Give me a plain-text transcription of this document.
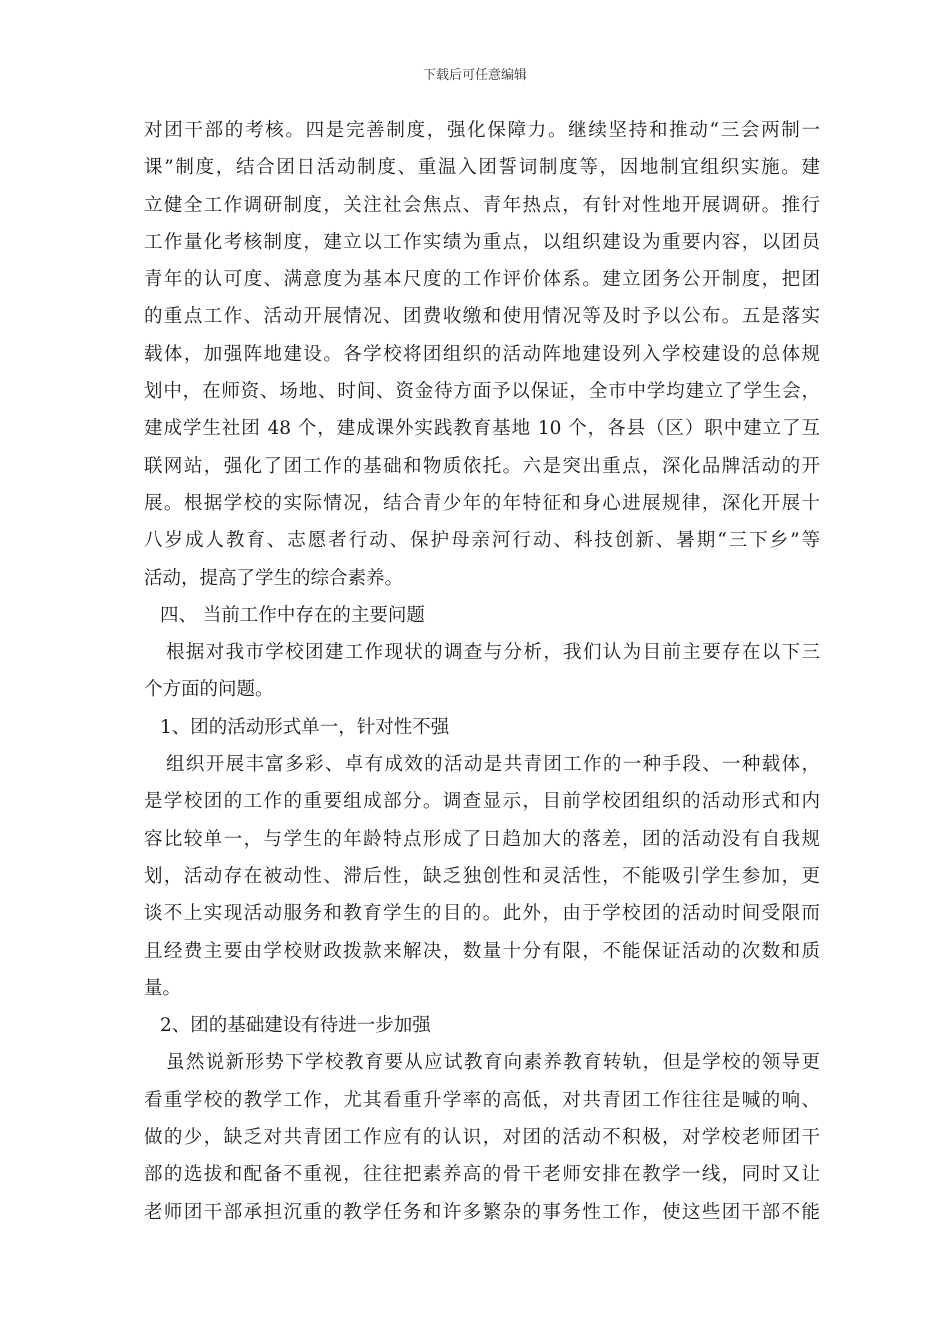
下载后可任意编辑
对团干部的考核。四是完善制度，强化保障力。继续坚持和推动“三会两制一
课”制度，结合团日活动制度、重温入团誓词制度等，因地制宜组织实施。建
立健全工作调研制度，关注社会焦点、青年热点，有针对性地开展调研。推行
工作量化考核制度，建立以工作实绩为重点，以组织建设为重要内容，以团员
青年的认可度、满意度为基本尺度的工作评价体系。建立团务公开制度，把团
的重点工作、活动开展情况、团费收缴和使用情况等及时予以公布。五是落实
载体，加强阵地建设。各学校将团组织的活动阵地建设列入学校建设的总体规
划中，在师资、场地、时间、资金待方面予以保证，全市中学均建立了学生会，
建成学生社团 48 个，建成课外实践教育基地 10 个，各县（区）职中建立了互
联网站，强化了团工作的基础和物质依托。六是突出重点，深化品牌活动的开
展。根据学校的实际情况，结合青少年的年特征和身心进展规律，深化开展十
八岁成人教育、志愿者行动、保护母亲河行动、科技创新、暑期“三下乡”等
活动，提高了学生的综合素养。
四、 当前工作中存在的主要问题
根据对我市学校团建工作现状的调查与分析，我们认为目前主要存在以下三
个方面的问题。
1、团的活动形式单一，针对性不强
组织开展丰富多彩、卓有成效的活动是共青团工作的一种手段、一种载体，
是学校团的工作的重要组成部分。调查显示，目前学校团组织的活动形式和内
容比较单一，与学生的年龄特点形成了日趋加大的落差，团的活动没有自我规
划，活动存在被动性、滞后性，缺乏独创性和灵活性，不能吸引学生参加，更
谈不上实现活动服务和教育学生的目的。此外，由于学校团的活动时间受限而
且经费主要由学校财政拨款来解决，数量十分有限，不能保证活动的次数和质
量。
2、团的基础建设有待进一步加强
虽然说新形势下学校教育要从应试教育向素养教育转轨，但是学校的领导更
看重学校的教学工作，尤其看重升学率的高低，对共青团工作往往是喊的响、
做的少，缺乏对共青团工作应有的认识，对团的活动不积极，对学校老师团干
部的选拔和配备不重视，往往把素养高的骨干老师安排在教学一线，同时又让
老师团干部承担沉重的教学任务和许多繁杂的事务性工作，使这些团干部不能
